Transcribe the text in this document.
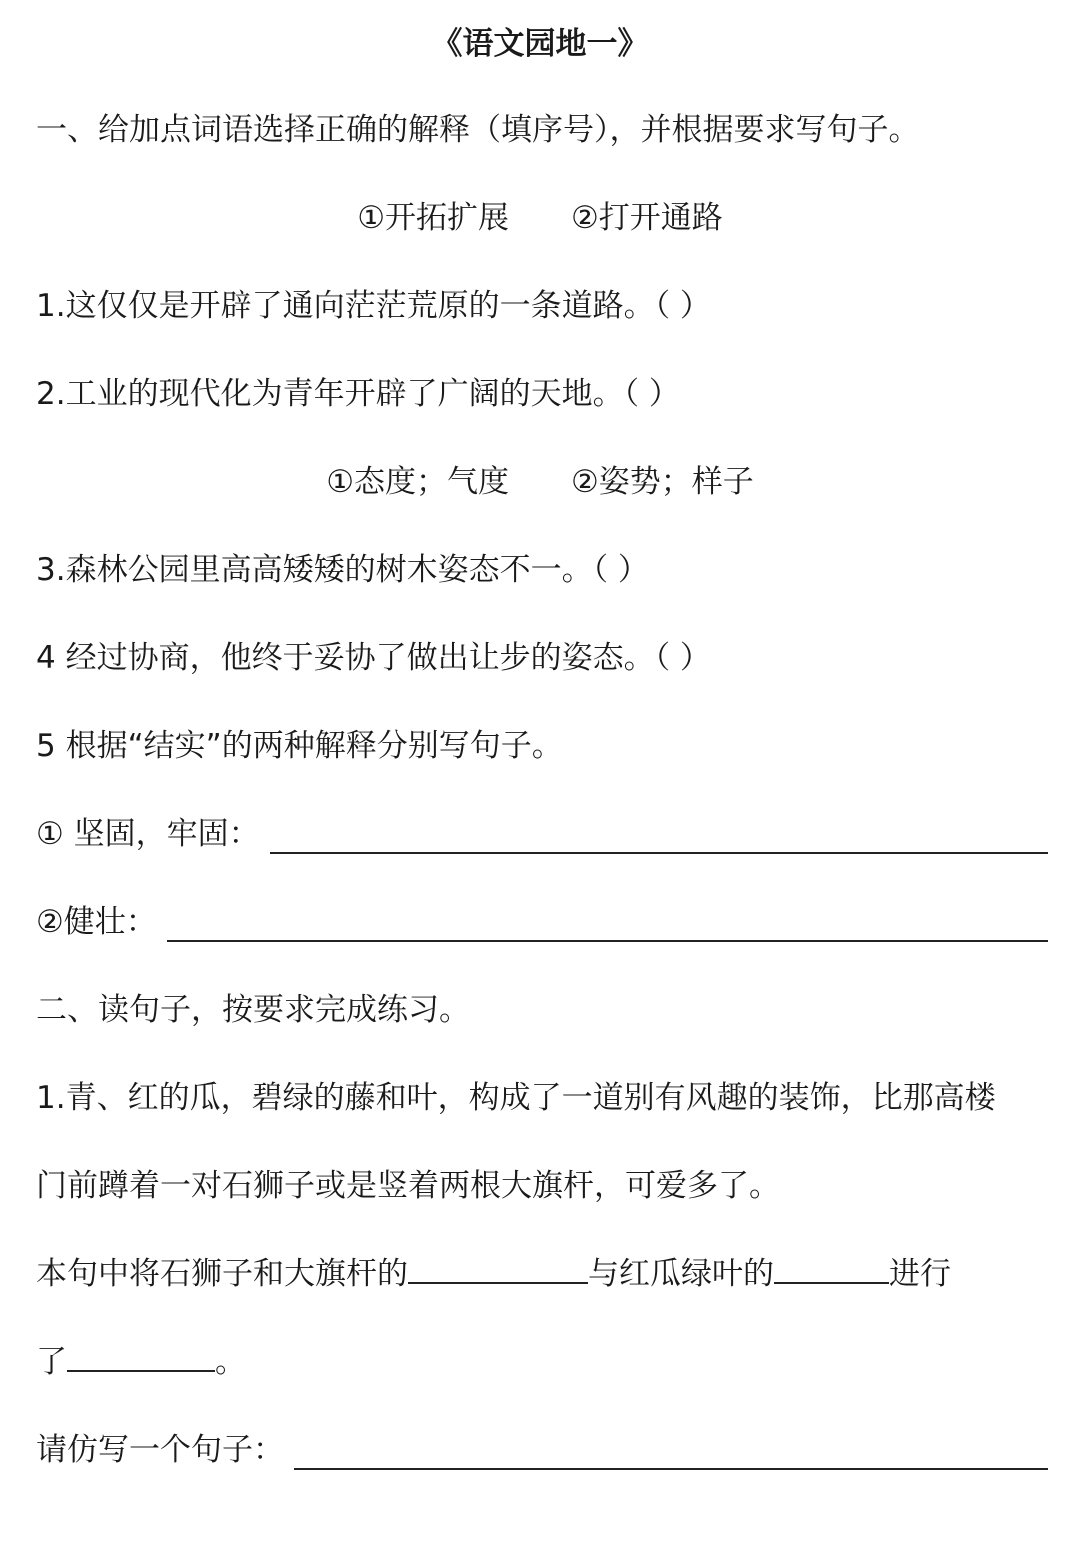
《语文园地一》
一、给加点词语选择正确的解释（填序号），并根据要求写句子。
①开拓扩展 ②打开通路
1.这仅仅是开辟了通向茫茫荒原的一条道路。（ ）
2.工业的现代化为青年开辟了广阔的天地。（ ）
①态度；气度 ②姿势；样子
3.森林公园里高高矮矮的树木姿态不一。（ ）
4 经过协商，他终于妥协了做出让步的姿态。（ ）
5 根据“结实”的两种解释分别写句子。
① 坚固，牢固：
②健壮：
二、读句子，按要求完成练习。
1.青、红的瓜，碧绿的藤和叶，构成了一道别有风趣的装饰，比那高楼
门前蹲着一对石狮子或是竖着两根大旗杆，可爱多了。
本句中将石狮子和大旗杆的	与红瓜绿叶的	进行
了	。
请仿写一个句子：
